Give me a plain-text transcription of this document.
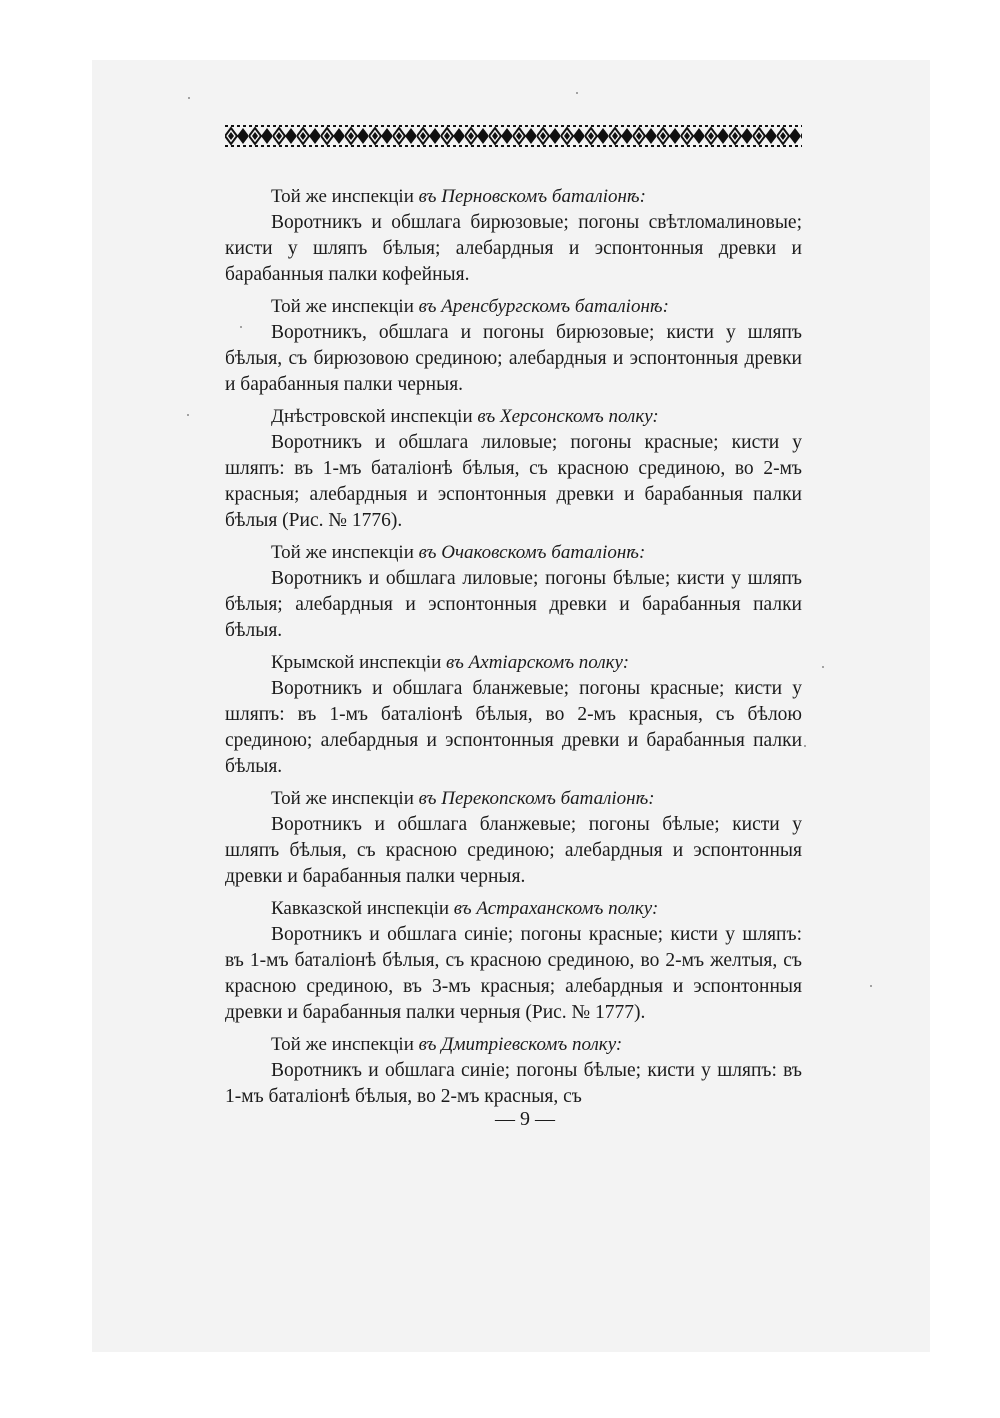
Той же инспекціи въ Перновскомъ баталіонѣ:

Воротникъ и обшлага бирюзовые; погоны свѣтломалиновые; кисти у шляпъ бѣлыя; алебардныя и эспонтонныя древки и барабанныя палки кофейныя.

Той же инспекціи въ Аренсбургскомъ баталіонѣ:

Воротникъ, обшлага и погоны бирюзовые; кисти у шляпъ бѣлыя, съ бирюзовою срединою; алебардныя и эспонтонныя древки и барабанныя палки черныя.

Днѣстровской инспекціи въ Херсонскомъ полку:

Воротникъ и обшлага лиловые; погоны красные; кисти у шляпъ: въ 1-мъ баталіонѣ бѣлыя, съ красною срединою, во 2-мъ красныя; алебардныя и эспонтонныя древки и барабанныя палки бѣлыя (Рис. № 1776).

Той же инспекціи въ Очаковскомъ баталіонѣ:

Воротникъ и обшлага лиловые; погоны бѣлые; кисти у шляпъ бѣлыя; алебардныя и эспонтонныя древки и барабанныя палки бѣлыя.

Крымской инспекціи въ Ахтіарскомъ полку:

Воротникъ и обшлага бланжевые; погоны красные; кисти у шляпъ: въ 1-мъ баталіонѣ бѣлыя, во 2-мъ красныя, съ бѣлою срединою; алебардныя и эспонтонныя древки и барабанныя палки бѣлыя.

Той же инспекціи въ Перекопскомъ баталіонѣ:

Воротникъ и обшлага бланжевые; погоны бѣлые; кисти у шляпъ бѣлыя, съ красною срединою; алебардныя и эспонтонныя древки и барабанныя палки черныя.

Кавказской инспекціи въ Астраханскомъ полку:

Воротникъ и обшлага синіе; погоны красные; кисти у шляпъ: въ 1-мъ баталіонѣ бѣлыя, съ красною срединою, во 2-мъ желтыя, съ красною срединою, въ 3-мъ красныя; алебардныя и эспонтонныя древки и барабанныя палки черныя (Рис. № 1777).

Той же инспекціи въ Дмитріевскомъ полку:

Воротникъ и обшлага синіе; погоны бѣлые; кисти у шляпъ: въ 1-мъ баталіонѣ бѣлыя, во 2-мъ красныя, съ

— 9 —
